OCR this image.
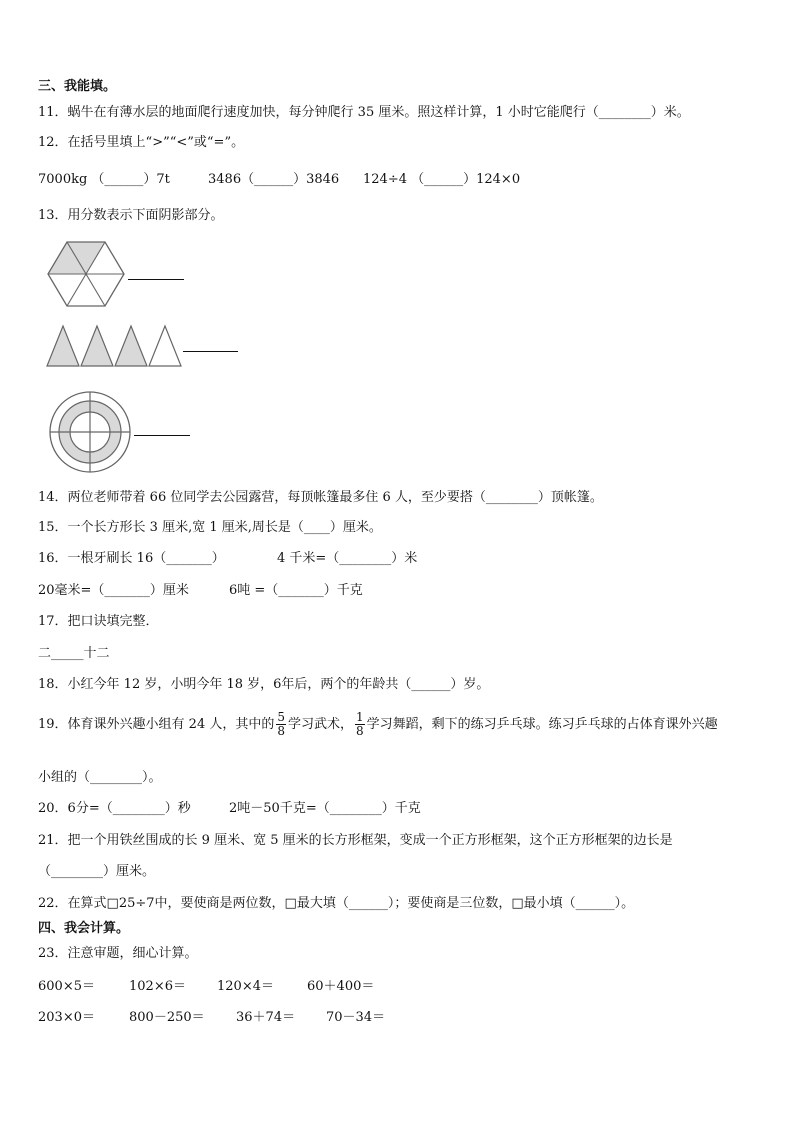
三、我能填。
11．蜗牛在有薄水层的地面爬行速度加快，每分钟爬行 35 厘米。照这样计算，1 小时它能爬行（________）米。
12．在括号里填上“>”“<”或“=”。
7000kg （______）7t	3486（______）3846 124÷4 （______）124×0
13．用分数表示下面阴影部分。
14．两位老师带着 66 位同学去公园露营，每顶帐篷最多住 6 人，至少要搭（________）顶帐篷。
15．一个长方形长 3 厘米,宽 1 厘米,周长是（____）厘米。
16．一根牙刷长 16（_______）	4 千米=（________）米
20毫米=（_______）厘米	6吨 =（_______）千克
17．把口诀填完整．
二_____十二
18．小红今年 12 岁，小明今年 18 岁，6年后，两个的年龄共（______）岁。
19．体育课外兴趣小组有 24 人，其中的 $\frac{5}{8}$ 学习武术， $\frac{1}{8}$ 学习舞蹈，剩下的练习乒乓球。练习乒乓球的占体育课外兴趣
小组的（________）。
20．6分=（________）秒	2吨－50千克=（________）千克
21．把一个用铁丝围成的长 9 厘米、宽 5 厘米的长方形框架，变成一个正方形框架，这个正方形框架的边长是
（________）厘米。
22．在算式□25÷7中，要使商是两位数，□最大填（______）；要使商是三位数，□最小填（______）。
四、我会计算。
23．注意审题，细心计算。
600×5＝	102×6＝ 120×4＝	60＋400＝
203×0＝	800－250＝ 36＋74＝ 70－34＝
